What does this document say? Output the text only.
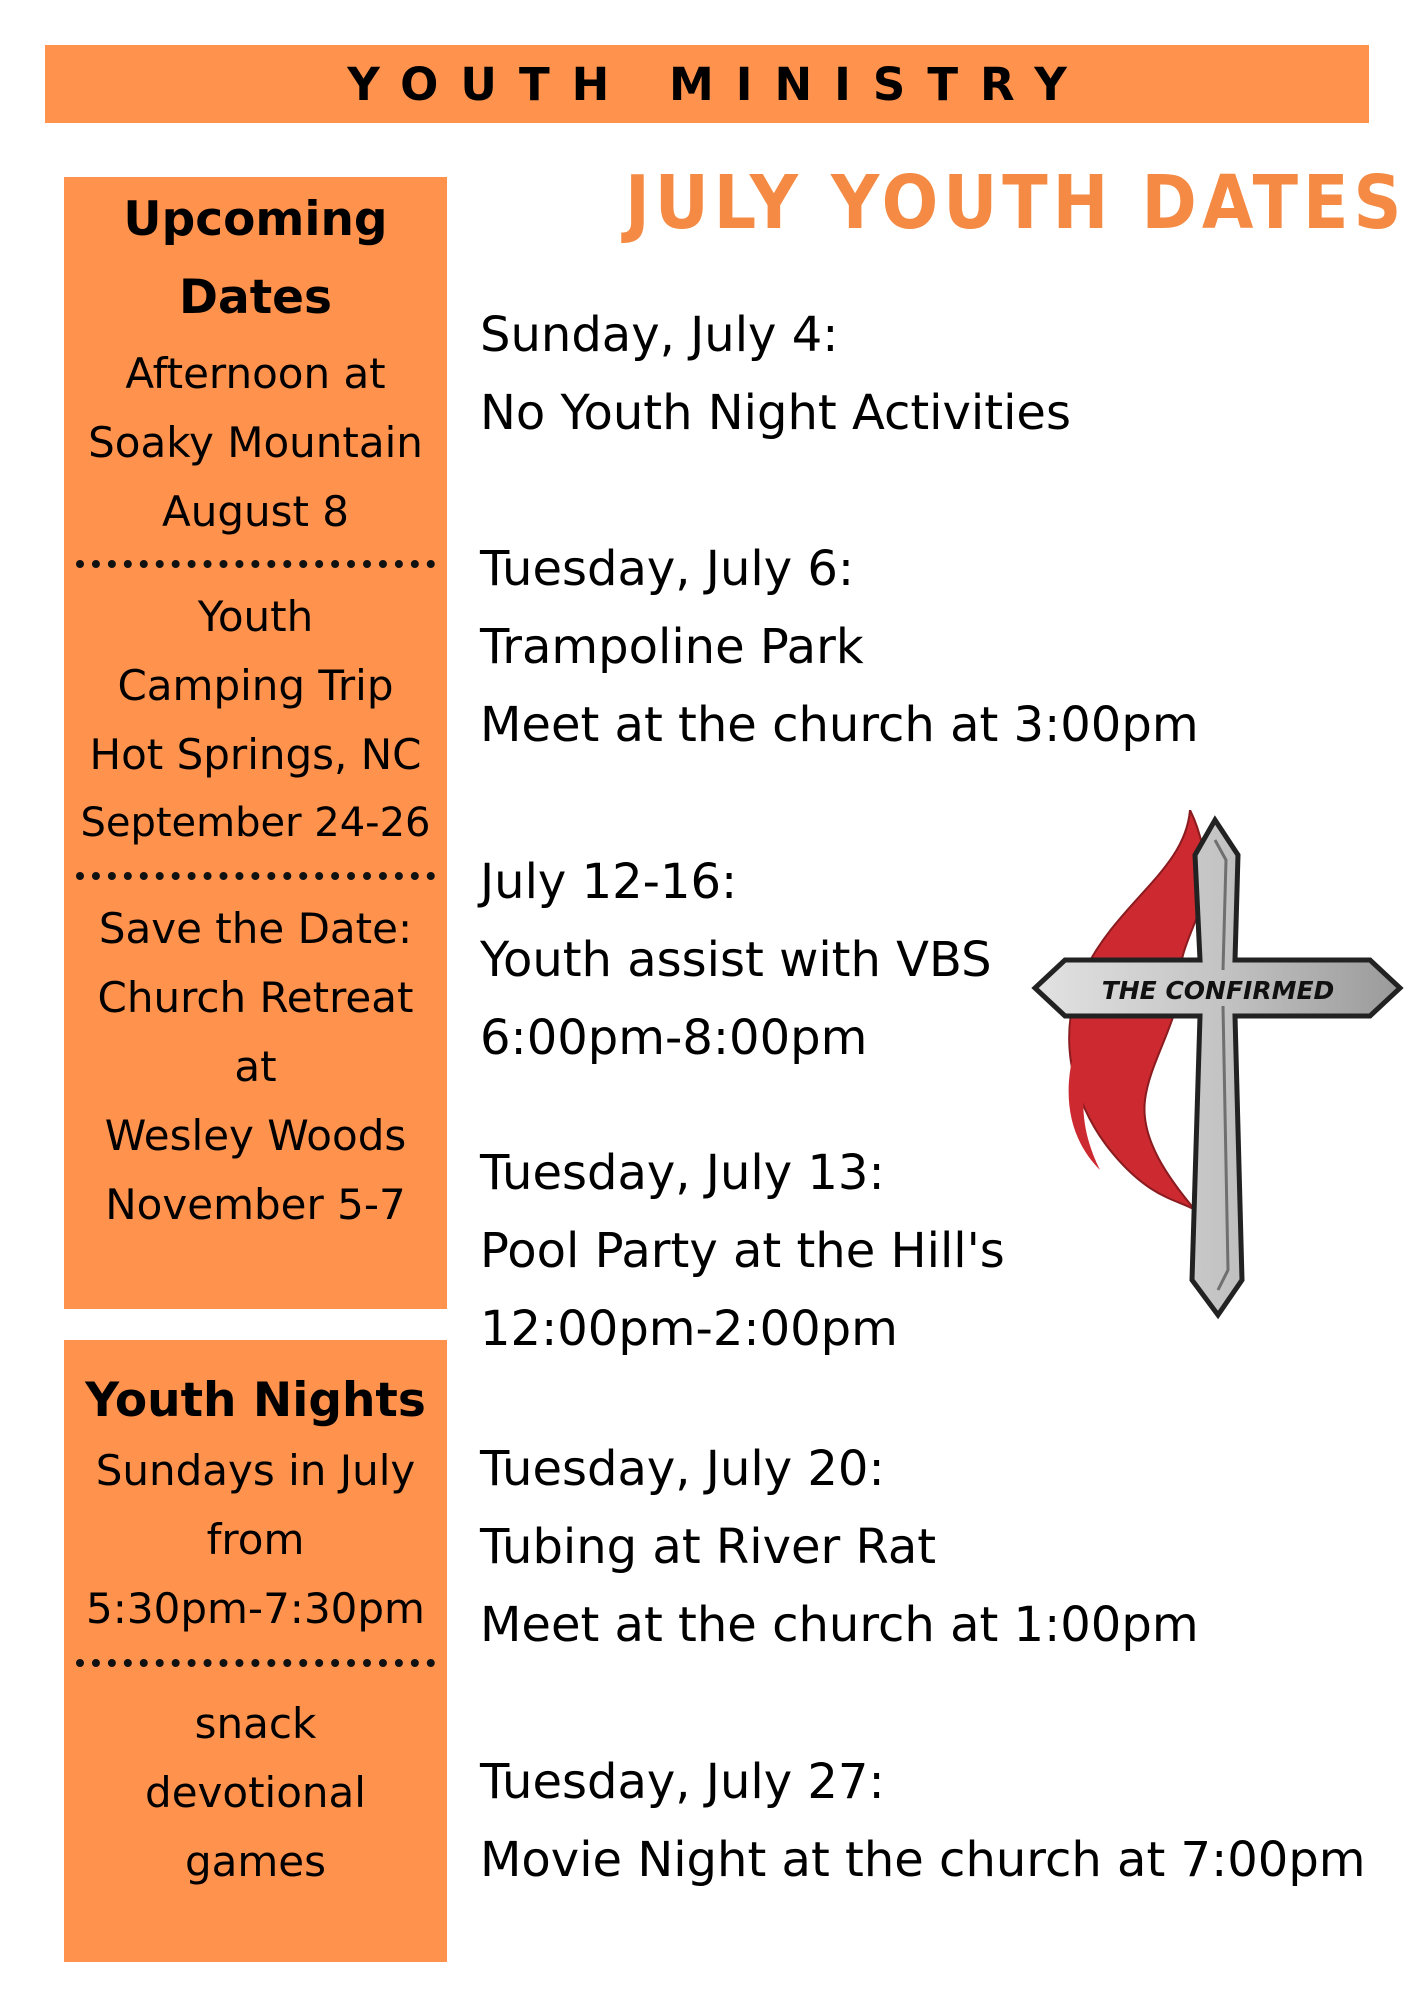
YOUTH MINISTRY
Upcoming
Dates
Afternoon at
Soaky Mountain
August 8
Youth
Camping Trip
Hot Springs, NC
September 24-26
Save the Date:
Church Retreat
at
Wesley Woods
November 5-7
Youth Nights
Sundays in July
from
5:30pm-7:30pm
snack
devotional
games
JULY YOUTH DATES
Sunday, July 4:
No Youth Night Activities
Tuesday, July 6:
Trampoline Park
Meet at the church at 3:00pm
July 12-16:
Youth assist with VBS
6:00pm-8:00pm
Tuesday, July 13:
Pool Party at the Hill's
12:00pm-2:00pm
Tuesday, July 20:
Tubing at River Rat
Meet at the church at 1:00pm
Tuesday, July 27:
Movie Night at the church at 7:00pm
THE CONFIRMED
